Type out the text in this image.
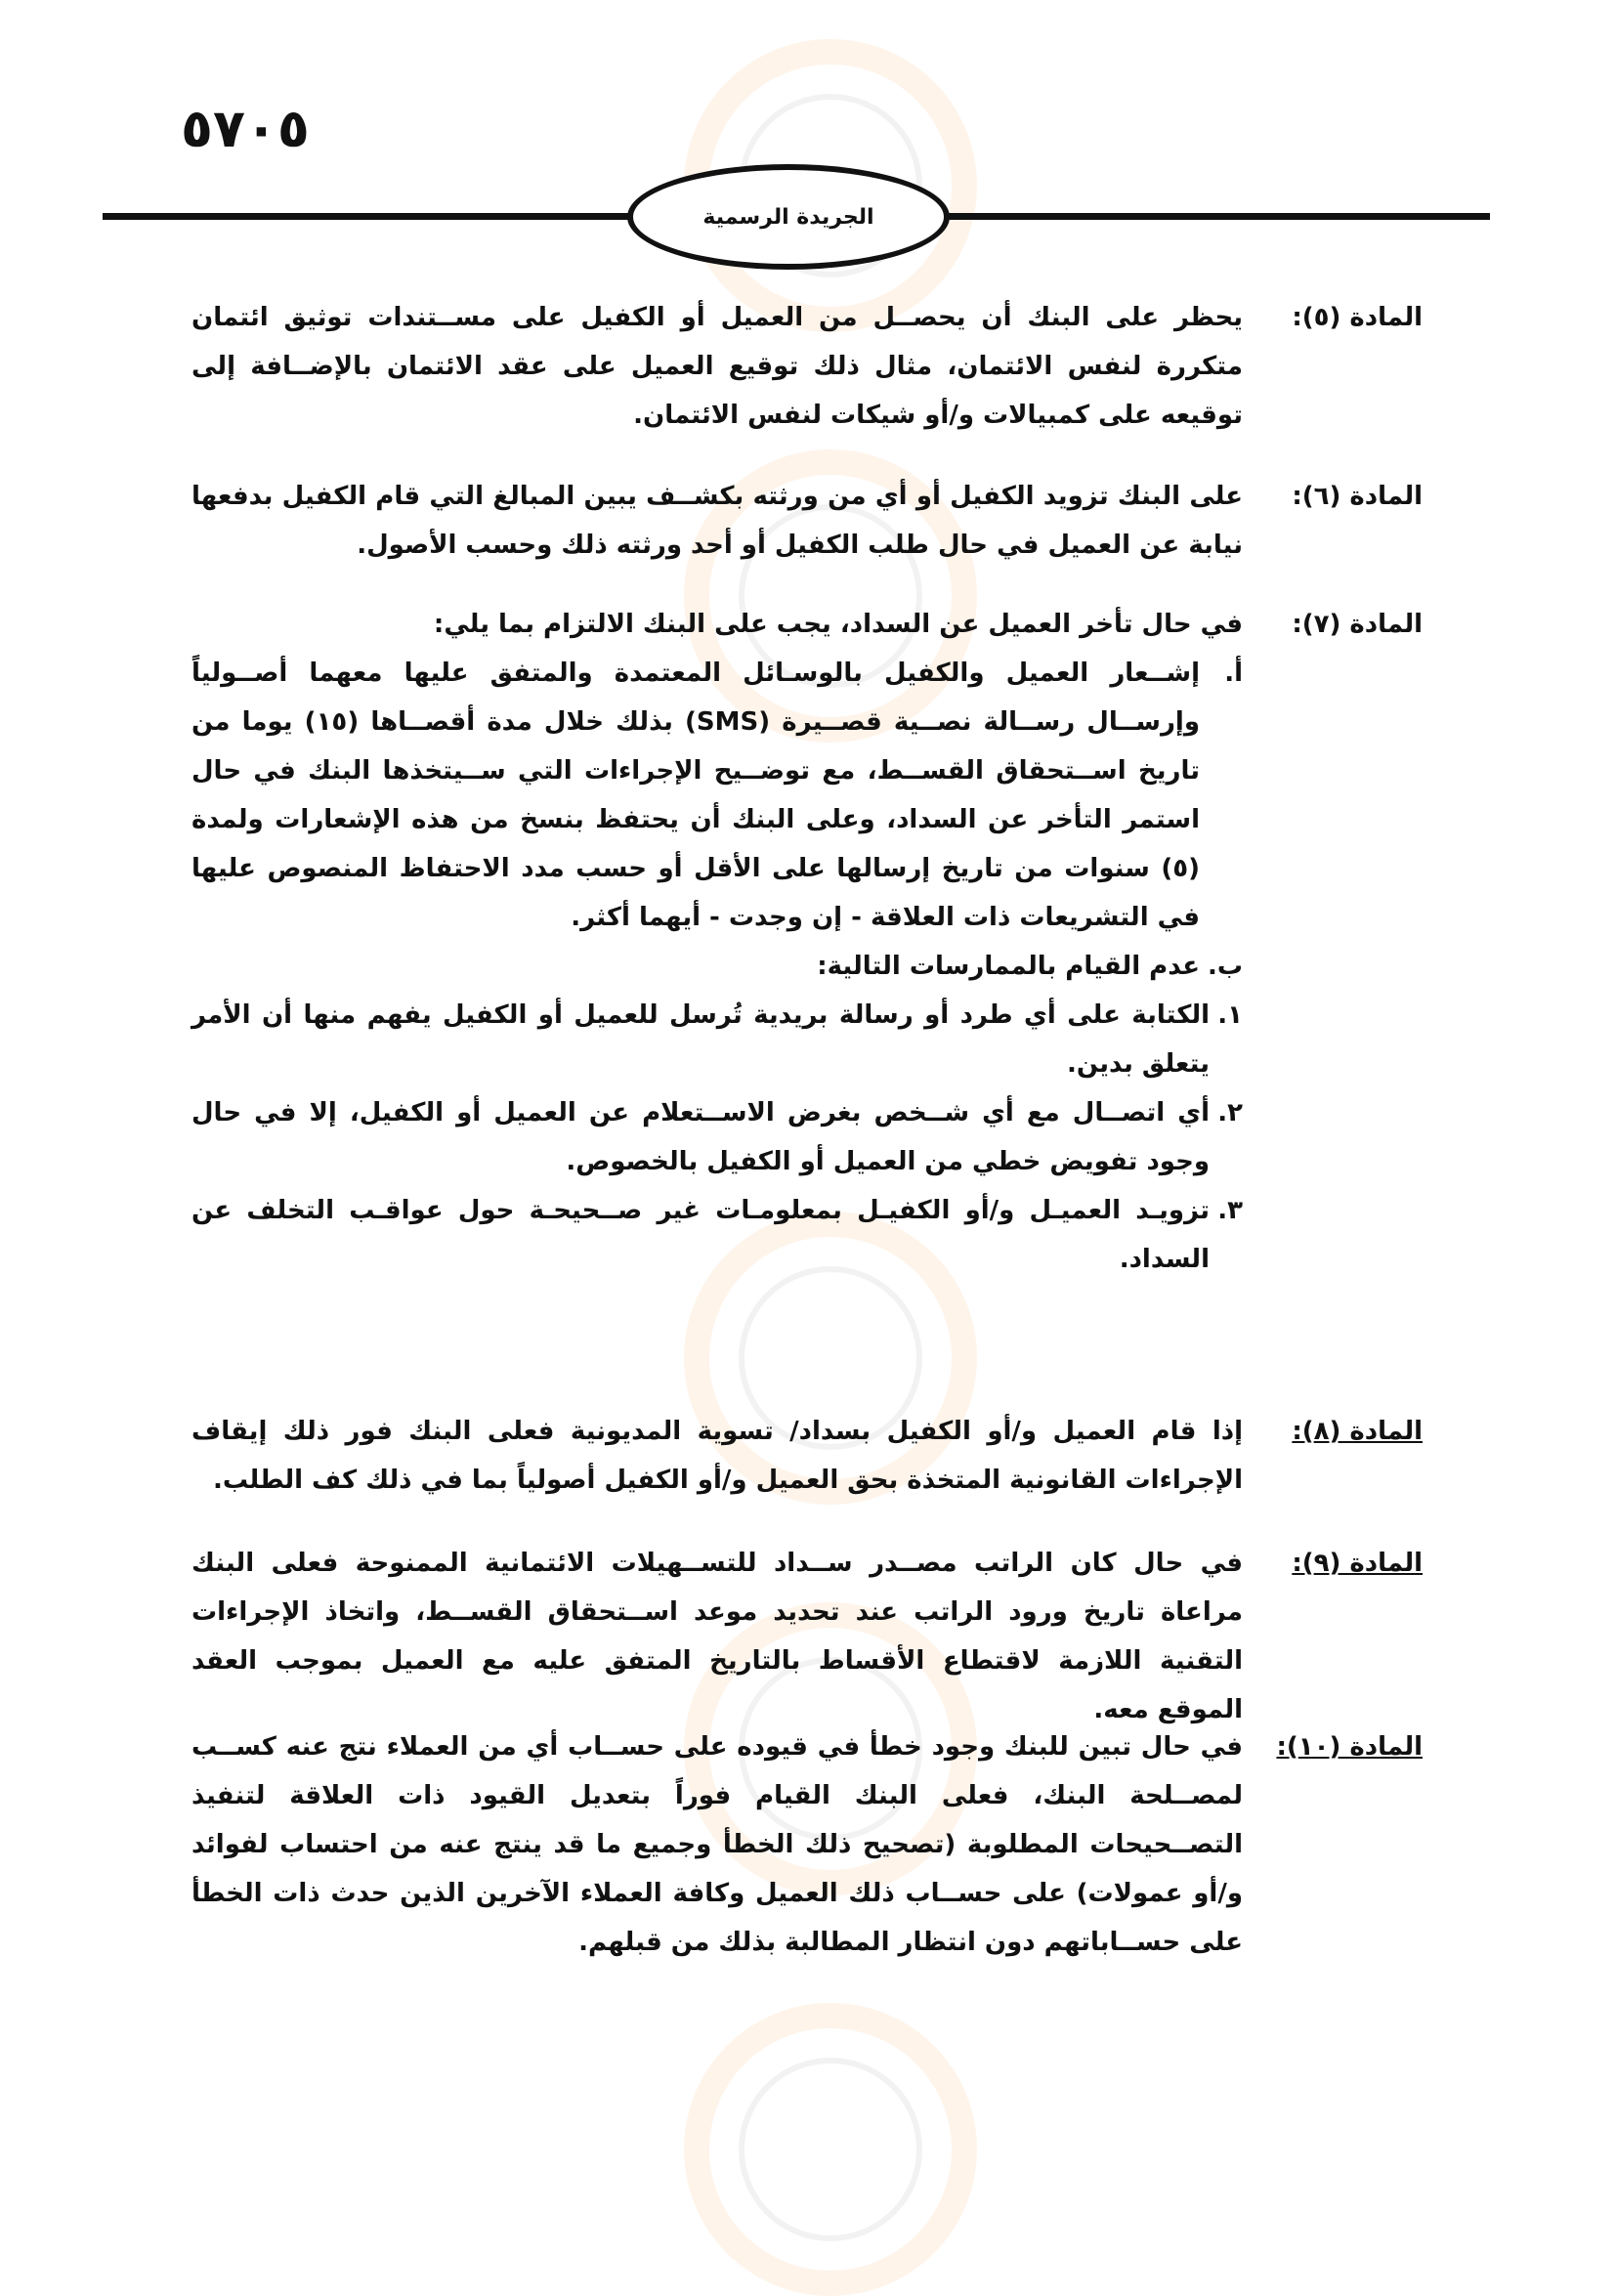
٥٧٠٥
الجريدة الرسمية
المادة (٥):
يحظر على البنك أن يحصــل من العميل أو الكفيل على مســتندات توثيق ائتمان متكررة لنفس الائتمان، مثال ذلك توقيع العميل على عقد الائتمان بالإضــافة إلى توقيعه على كمبيالات و/أو شيكات لنفس الائتمان.
المادة (٦):
على البنك تزويد الكفيل أو أي من ورثته بكشــف يبين المبالغ التي قام الكفيل بدفعها نيابة عن العميل في حال طلب الكفيل أو أحد ورثته ذلك وحسب الأصول.
المادة (٧):
في حال تأخر العميل عن السداد، يجب على البنك الالتزام بما يلي:
أ.
إشــعار العميل والكفيل بالوسـائل المعتمدة والمتفق عليها معهما أصــولياً وإرســال رســالة نصــية قصــيرة (SMS) بذلك خلال مدة أقصــاها (١٥) يوما من تاريخ اســتحقاق القســط، مع توضــيح الإجراءات التي ســيتخذها البنك في حال استمر التأخر عن السداد، وعلى البنك أن يحتفظ بنسخ من هذه الإشعارات ولمدة (٥) سنوات من تاريخ إرسالها على الأقل أو حسب مدد الاحتفاظ المنصوص عليها في التشريعات ذات العلاقة - إن وجدت - أيهما أكثر.
ب.
عدم القيام بالممارسات التالية:
١.
الكتابة على أي طرد أو رسالة بريدية تُرسل للعميل أو الكفيل يفهم منها أن الأمر يتعلق بدين.
٢.
أي اتصــال مع أي شــخص بغرض الاســتعلام عن العميل أو الكفيل، إلا في حال وجود تفويض خطي من العميل أو الكفيل بالخصوص.
٣.
تزويـد العميـل و/أو الكفيـل بمعلومـات غير صــحيحـة حول عواقـب التخلف عن السداد.
المادة (٨):
إذا قام العميل و/أو الكفيل بسداد/ تسوية المديونية فعلى البنك فور ذلك إيقاف الإجراءات القانونية المتخذة بحق العميل و/أو الكفيل أصولياً بما في ذلك كف الطلب.
المادة (٩):
في حال كان الراتب مصــدر ســداد للتســهيلات الائتمانية الممنوحة فعلى البنك مراعاة تاريخ ورود الراتب عند تحديد موعد اســتحقاق القســط، واتخاذ الإجراءات التقنية اللازمة لاقتطاع الأقساط بالتاريخ المتفق عليه مع العميل بموجب العقد الموقع معه.
المادة (١٠):
في حال تبين للبنك وجود خطأ في قيوده على حســاب أي من العملاء نتج عنه كســب لمصــلحة البنك، فعلى البنك القيام فوراً بتعديل القيود ذات العلاقة لتنفيذ التصــحيحات المطلوبة (تصحيح ذلك الخطأ وجميع ما قد ينتج عنه من احتساب لفوائد و/أو عمولات) على حســاب ذلك العميل وكافة العملاء الآخرين الذين حدث ذات الخطأ على حســاباتهم دون انتظار المطالبة بذلك من قبلهم.
